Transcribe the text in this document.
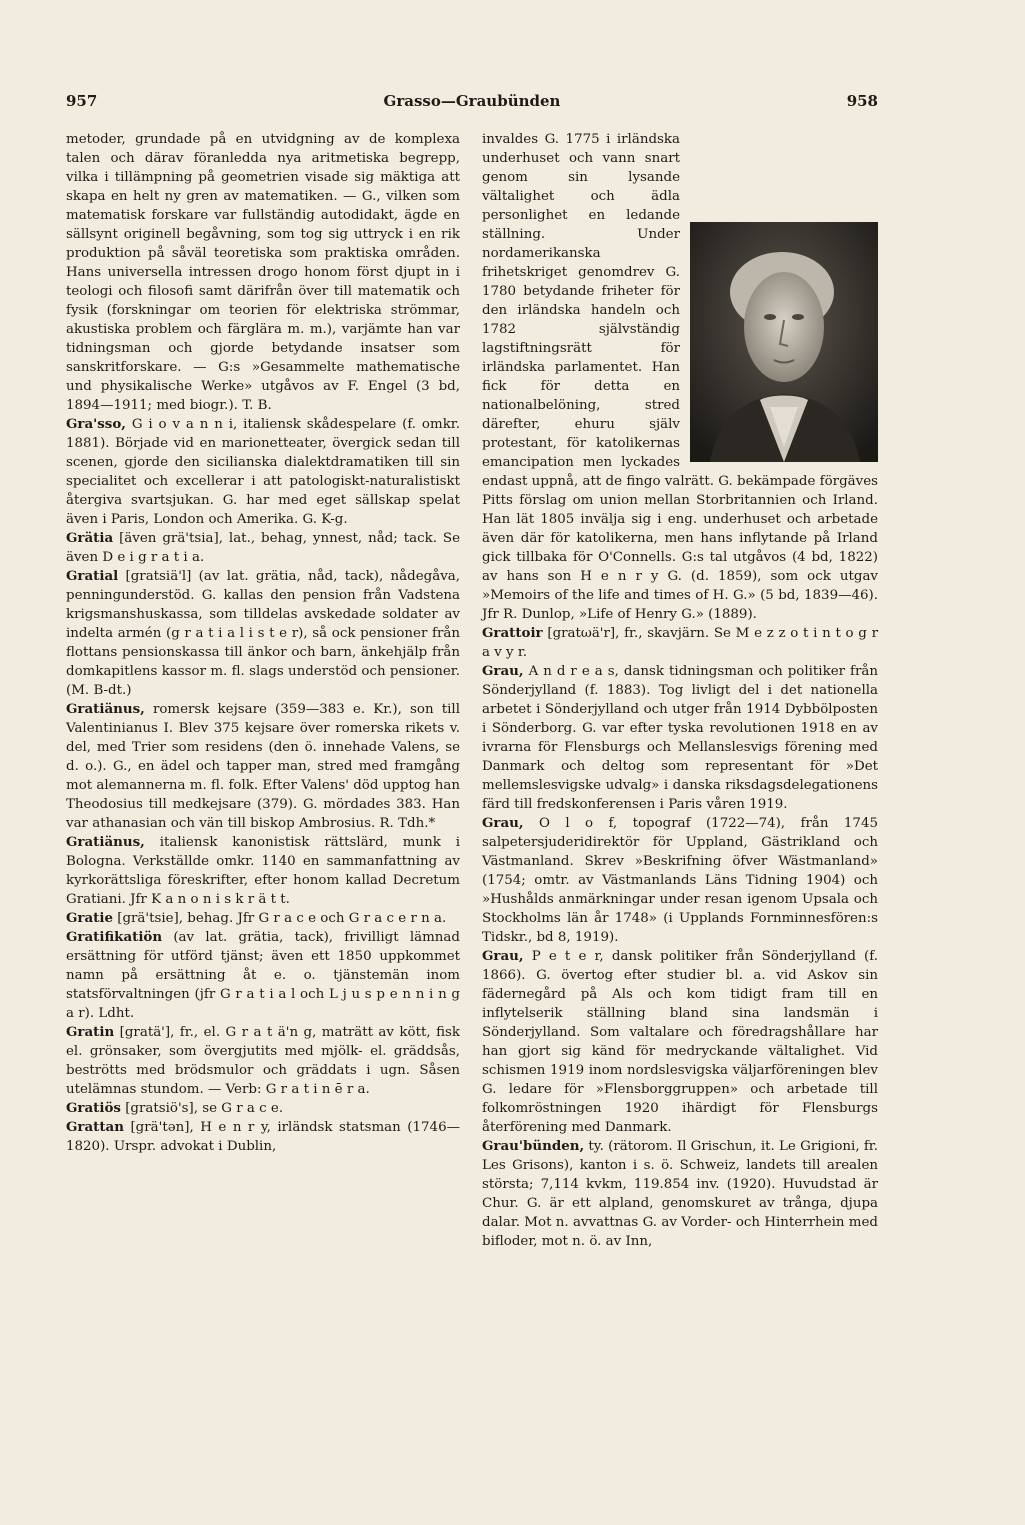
957	Grasso—Graubünden	958

metoder, grundade på en utvidgning av de komplexa talen och därav föranledda nya aritmetiska begrepp, vilka i tillämpning på geometrien visade sig mäktiga att skapa en helt ny gren av matematiken. — G., vilken som matematisk forskare var fullständig autodidakt, ägde en sällsynt originell begåvning, som tog sig uttryck i en rik produktion på såväl teoretiska som praktiska områden. Hans universella intressen drogo honom först djupt in i teologi och filosofi samt därifrån över till matematik och fysik (forskningar om teorien för elektriska strömmar, akustiska problem och färglära m. m.), varjämte han var tidningsman och gjorde betydande insatser som sanskritforskare. — G:s »Gesammelte mathematische und physikalische Werke» utgåvos av F. Engel (3 bd, 1894—1911; med biogr.). T. B.

Gra'sso, G i o v a n n i, italiensk skådespelare (f. omkr. 1881). Började vid en marionetteater, övergick sedan till scenen, gjorde den sicilianska dialektdramatiken till sin specialitet och excellerar i att patologiskt-naturalistiskt återgiva svartsjukan. G. har med eget sällskap spelat även i Paris, London och Amerika. G. K-g.

Grätia [även grä'tsia], lat., behag, ynnest, nåd; tack. Se även D e i g r a t i a.

Gratial [gratsiä'l] (av lat. grätia, nåd, tack), nådegåva, penningunderstöd. G. kallas den pension från Vadstena krigsmanshuskassa, som tilldelas avskedade soldater av indelta armén (g r a t i a l i s t e r), så ock pensioner från flottans pensionskassa till änkor och barn, änkehjälp från domkapitlens kassor m. fl. slags understöd och pensioner. (M. B-dt.)

Gratiänus, romersk kejsare (359—383 e. Kr.), son till Valentinianus I. Blev 375 kejsare över romerska rikets v. del, med Trier som residens (den ö. innehade Valens, se d. o.). G., en ädel och tapper man, stred med framgång mot alemannerna m. fl. folk. Efter Valens' död upptog han Theodosius till medkejsare (379). G. mördades 383. Han var athanasian och vän till biskop Ambrosius. R. Tdh.*

Gratiänus, italiensk kanonistisk rättslärd, munk i Bologna. Verkställde omkr. 1140 en sammanfattning av kyrkorättsliga föreskrifter, efter honom kallad Decretum Gratiani. Jfr K a n o n i s k r ä t t.

Gratie [grä'tsie], behag. Jfr G r a c e och G r a c e r n a.

Gratifikatiön (av lat. grätia, tack), frivilligt lämnad ersättning för utförd tjänst; även ett 1850 uppkommet namn på ersättning åt e. o. tjänstemän inom statsförvaltningen (jfr G r a t i a l och L j u s p e n n i n g a r). Ldht.

Gratin [gratä'], fr., el. G r a t ä'n g, maträtt av kött, fisk el. grönsaker, som övergjutits med mjölk- el. gräddsås, beströtts med brödsmulor och gräddats i ugn. Såsen utelämnas stundom. — Verb: G r a t i n ē r a.

Gratiös [gratsiö's], se G r a c e.

Grattan [grä'tən], H e n r y, irländsk statsman (1746—1820). Urspr. advokat i Dublin,

invaldes G. 1775 i irländska underhuset och vann snart genom sin lysande vältalighet och ädla personlighet en ledande ställning. Under nordamerikanska frihetskriget genomdrev G. 1780 betydande friheter för den irländska handeln och 1782 självständig lagstiftningsrätt för irländska parlamentet. Han fick för detta en nationalbelöning, stred därefter, ehuru själv protestant, för katolikernas emancipation men lyckades endast uppnå, att de fingo valrätt. G. bekämpade förgäves Pitts förslag om union mellan Storbritannien och Irland. Han lät 1805 invälja sig i eng. underhuset och arbetade även där för katolikerna, men hans inflytande på Irland gick tillbaka för O'Connells. G:s tal utgåvos (4 bd, 1822) av hans son H e n r y G. (d. 1859), som ock utgav »Memoirs of the life and times of H. G.» (5 bd, 1839—46). Jfr R. Dunlop, »Life of Henry G.» (1889).

Grattoir [gratωä'r], fr., skavjärn. Se M e z z o t i n t o g r a v y r.

Grau, A n d r e a s, dansk tidningsman och politiker från Sönderjylland (f. 1883). Tog livligt del i det nationella arbetet i Sönderjylland och utger från 1914 Dybbölposten i Sönderborg. G. var efter tyska revolutionen 1918 en av ivrarna för Flensburgs och Mellanslesvigs förening med Danmark och deltog som representant för »Det mellemslesvigske udvalg» i danska riksdagsdelegationens färd till fredskonferensen i Paris våren 1919.

Grau, O l o f, topograf (1722—74), från 1745 salpetersjuderidirektör för Uppland, Gästrikland och Västmanland. Skrev »Beskrifning öfver Wästmanland» (1754; omtr. av Västmanlands Läns Tidning 1904) och »Hushålds anmärkningar under resan igenom Upsala och Stockholms län år 1748» (i Upplands Fornminnesfören:s Tidskr., bd 8, 1919).

Grau, P e t e r, dansk politiker från Sönderjylland (f. 1866). G. övertog efter studier bl. a. vid Askov sin fädernegård på Als och kom tidigt fram till en inflytelserik ställning bland sina landsmän i Sönderjylland. Som valtalare och föredragshållare har han gjort sig känd för medryckande vältalighet. Vid schismen 1919 inom nordslesvigska väljarföreningen blev G. ledare för »Flensborggruppen» och arbetade till folkomröstningen 1920 ihärdigt för Flensburgs återförening med Danmark.

Grau'bünden, ty. (rätorom. Il Grischun, it. Le Grigioni, fr. Les Grisons), kanton i s. ö. Schweiz, landets till arealen största; 7,114 kvkm, 119.854 inv. (1920). Huvudstad är Chur. G. är ett alpland, genomskuret av trånga, djupa dalar. Mot n. avvattnas G. av Vorder- och Hinterrhein med bifloder, mot n. ö. av Inn,
